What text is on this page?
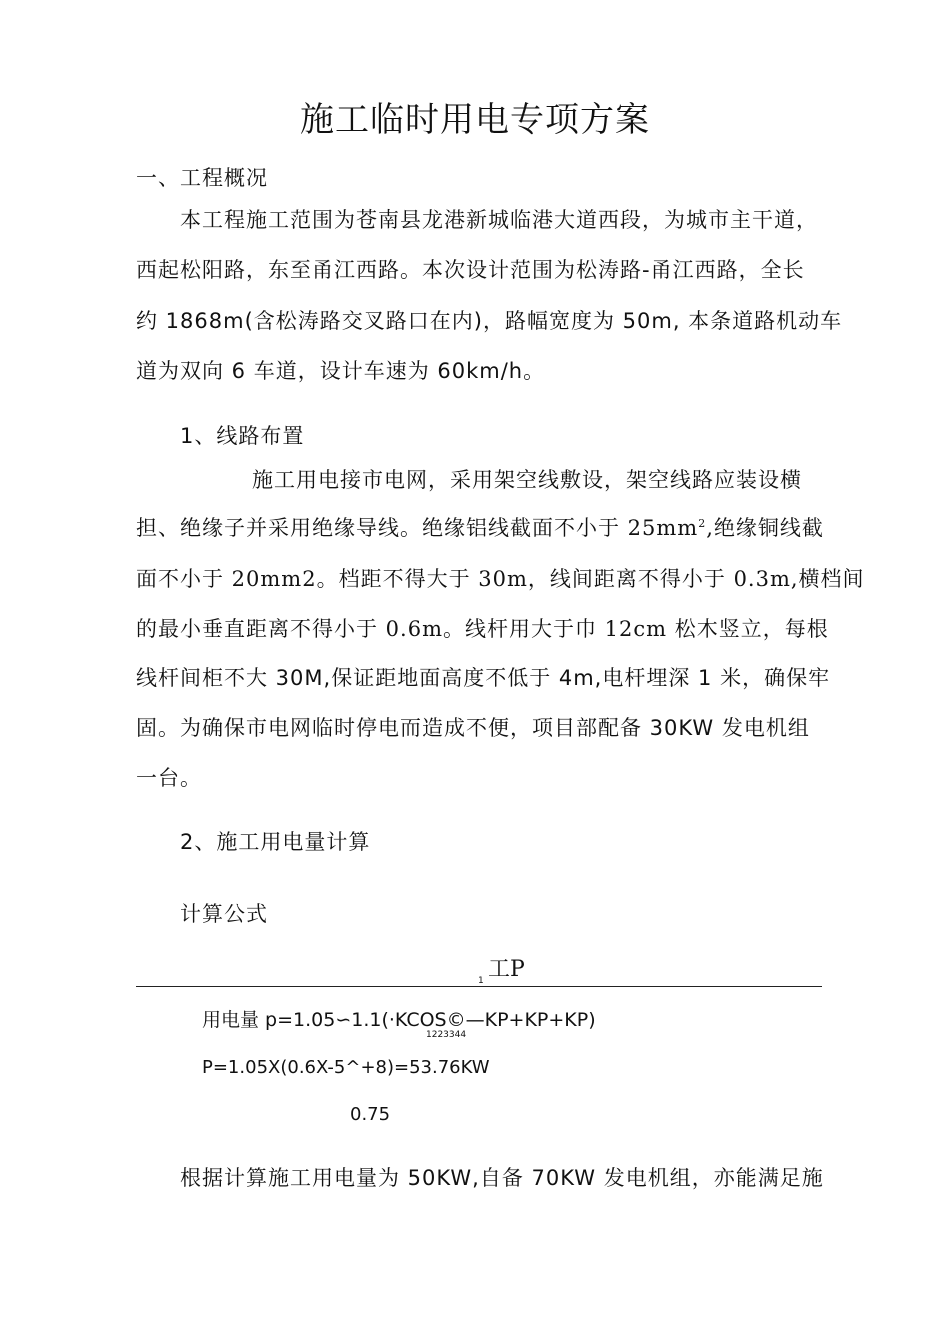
施工临时用电专项方案
一、工程概况
本工程施工范围为苍南县龙港新城临港大道西段，为城市主干道，
西起松阳路，东至甬江西路。本次设计范围为松涛路-甬江西路，全长
约 1868m(含松涛路交叉路口在内)，路幅宽度为 50m, 本条道路机动车
道为双向 6 车道，设计车速为 60km/h。
1、线路布置
施工用电接市电网，采用架空线敷设，架空线路应装设横
担、绝缘子并采用绝缘导线。绝缘铝线截面不小于 $25mm^2$,绝缘铜线截
面不小于 20mm2。档距不得大于 30m，线间距离不得小于 0.3m,横档间
的最小垂直距离不得小于 0.6m。线杆用大于巾 12cm 松木竖立，每根
线杆间柜不大 30M,保证距地面高度不低于 4m,电杆埋深 1 米，确保牢
固。为确保市电网临时停电而造成不便，项目部配备 30KW 发电机组
一台。
2、施工用电量计算
计算公式
工P
1
用电量 p=1.05∽1.1(·KCOS©—KP+KP+KP)
1223344
P=1.05X(0.6X-5^+8)=53.76KW
0.75
根据计算施工用电量为 50KW,自备 70KW 发电机组，亦能满足施
